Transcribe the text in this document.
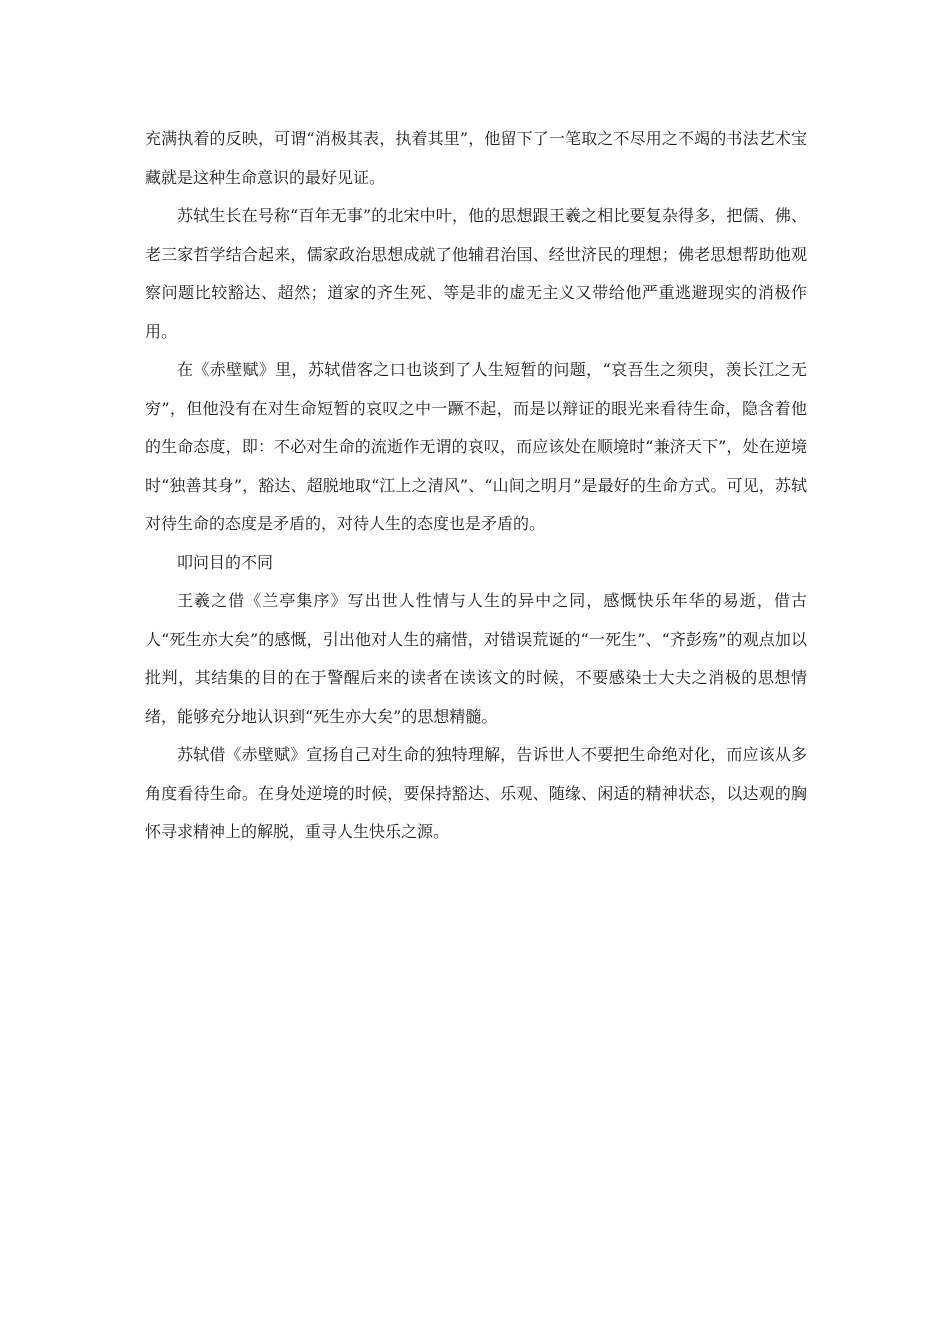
充满执着的反映，可谓“消极其表，执着其里”，他留下了一笔取之不尽用之不竭的书法艺术宝藏就是这种生命意识的最好见证。

苏轼生长在号称“百年无事”的北宋中叶，他的思想跟王羲之相比要复杂得多，把儒、佛、老三家哲学结合起来，儒家政治思想成就了他辅君治国、经世济民的理想；佛老思想帮助他观察问题比较豁达、超然；道家的齐生死、等是非的虚无主义又带给他严重逃避现实的消极作用。

在《赤壁赋》里，苏轼借客之口也谈到了人生短暂的问题，“哀吾生之须臾，羡长江之无穷”，但他没有在对生命短暂的哀叹之中一蹶不起，而是以辩证的眼光来看待生命，隐含着他的生命态度，即：不必对生命的流逝作无谓的哀叹，而应该处在顺境时“兼济天下”，处在逆境时“独善其身”，豁达、超脱地取“江上之清风”、“山间之明月”是最好的生命方式。可见，苏轼对待生命的态度是矛盾的，对待人生的态度也是矛盾的。

叩问目的不同

王羲之借《兰亭集序》写出世人性情与人生的异中之同，感慨快乐年华的易逝，借古人“死生亦大矣”的感慨，引出他对人生的痛惜，对错误荒诞的“一死生”、“齐彭殇”的观点加以批判，其结集的目的在于警醒后来的读者在读该文的时候，不要感染士大夫之消极的思想情绪，能够充分地认识到“死生亦大矣”的思想精髓。

苏轼借《赤壁赋》宣扬自己对生命的独特理解，告诉世人不要把生命绝对化，而应该从多角度看待生命。在身处逆境的时候，要保持豁达、乐观、随缘、闲适的精神状态，以达观的胸怀寻求精神上的解脱，重寻人生快乐之源。
